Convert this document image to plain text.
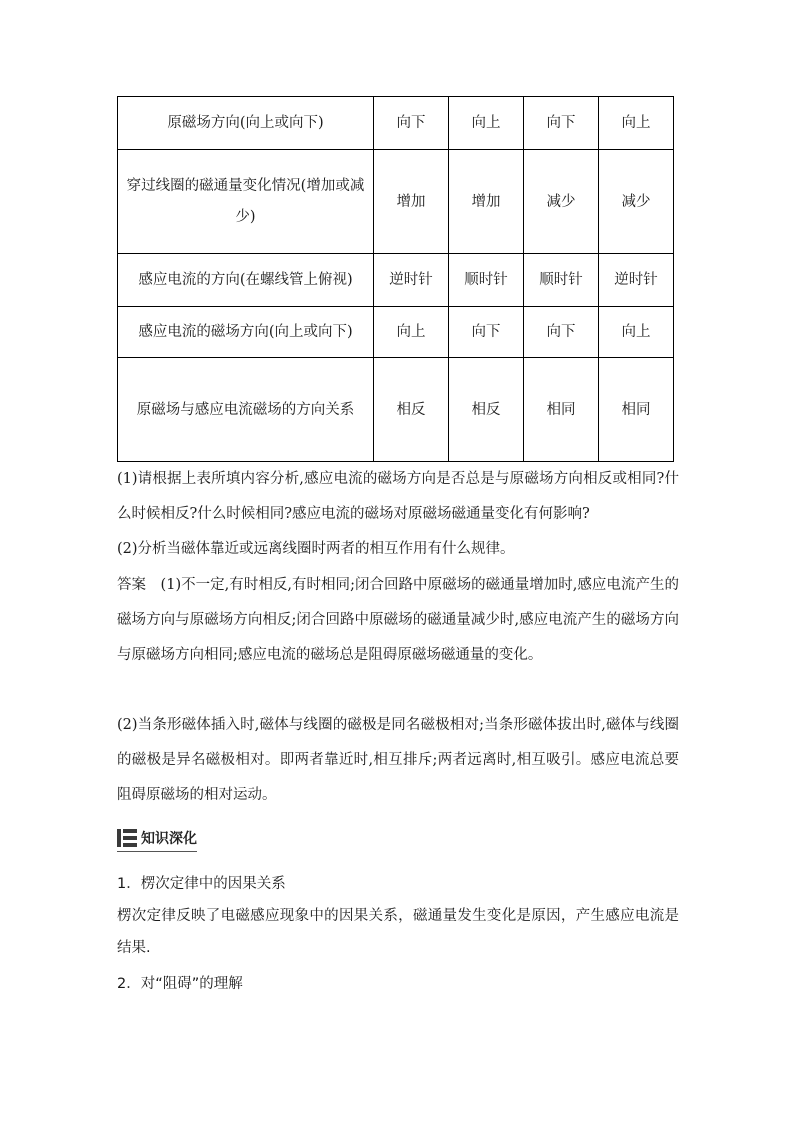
原磁场方向(向上或向下)	向下	向上	向下	向上
穿过线圈的磁通量变化情况(增加或减少)	增加	增加	减少	减少
感应电流的方向(在螺线管上俯视)	逆时针	顺时针	顺时针	逆时针
感应电流的磁场方向(向上或向下)	向上	向下	向下	向上
原磁场与感应电流磁场的方向关系	相反	相反	相同	相同
(1)请根据上表所填内容分析,感应电流的磁场方向是否总是与原磁场方向相反或相同?什么时候相反?什么时候相同?感应电流的磁场对原磁场磁通量变化有何影响?
(2)分析当磁体靠近或远离线圈时两者的相互作用有什么规律。
答案　(1)不一定,有时相反,有时相同;闭合回路中原磁场的磁通量增加时,感应电流产生的磁场方向与原磁场方向相反;闭合回路中原磁场的磁通量减少时,感应电流产生的磁场方向与原磁场方向相同;感应电流的磁场总是阻碍原磁场磁通量的变化。
(2)当条形磁体插入时,磁体与线圈的磁极是同名磁极相对;当条形磁体拔出时,磁体与线圈的磁极是异名磁极相对。即两者靠近时,相互排斥;两者远离时,相互吸引。感应电流总要阻碍原磁场的相对运动。
知识深化
1．楞次定律中的因果关系
楞次定律反映了电磁感应现象中的因果关系，磁通量发生变化是原因，产生感应电流是结果.
2．对“阻碍”的理解
